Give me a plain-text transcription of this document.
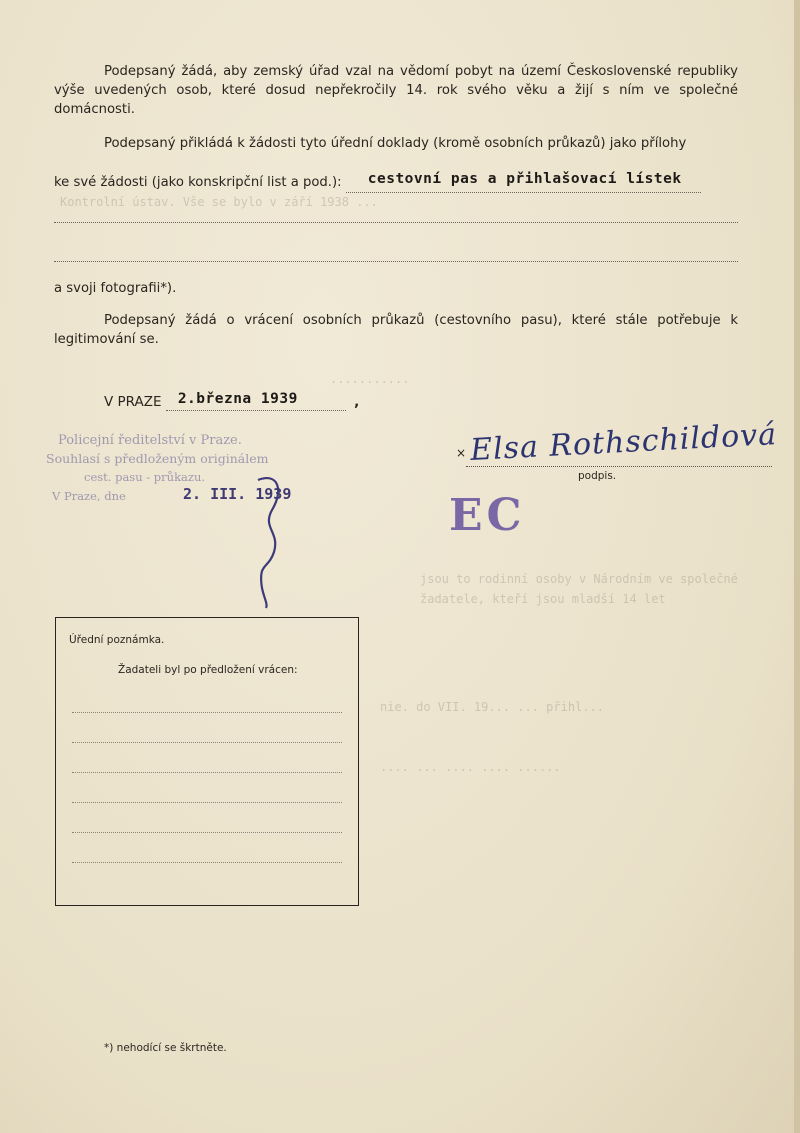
Kontrolní ústav. Vše se bylo v září 1938 ...
...........
jsou to rodinní osoby v Národním ve společné
žadatele, kteří jsou mladší 14 let
nie. do VII. 19... ... přihl...
.... ... .... .... ......
Podepsaný žádá, aby zemský úřad vzal na vědomí pobyt na území Československé republiky výše uvedených osob, které dosud nepřekročily 14. rok svého věku a žijí s ním ve společné domácnosti.
Podepsaný přikládá k žádosti tyto úřední doklady (kromě osobních průkazů) jako přílohy
ke své žádosti (jako konskripční list a pod.): cestovní pas a přihlašovací lístek

a svoji fotografii*).
Podepsaný žádá o vrácení osobních průkazů (cestovního pasu), které stále potřebuje k legitimování se.
V PRAZE 2.března 1939	,
Policejní ředitelství v Praze.
Souhlasí s předloženým originálem
cest. pasu - průkazu.
V Praze, dne	2. III. 1939	EC
Elsa Rothschildová
×
podpis.
Úřední poznámka.
Žadateli byl po předložení vrácen:
*) nehodící se škrtněte.
